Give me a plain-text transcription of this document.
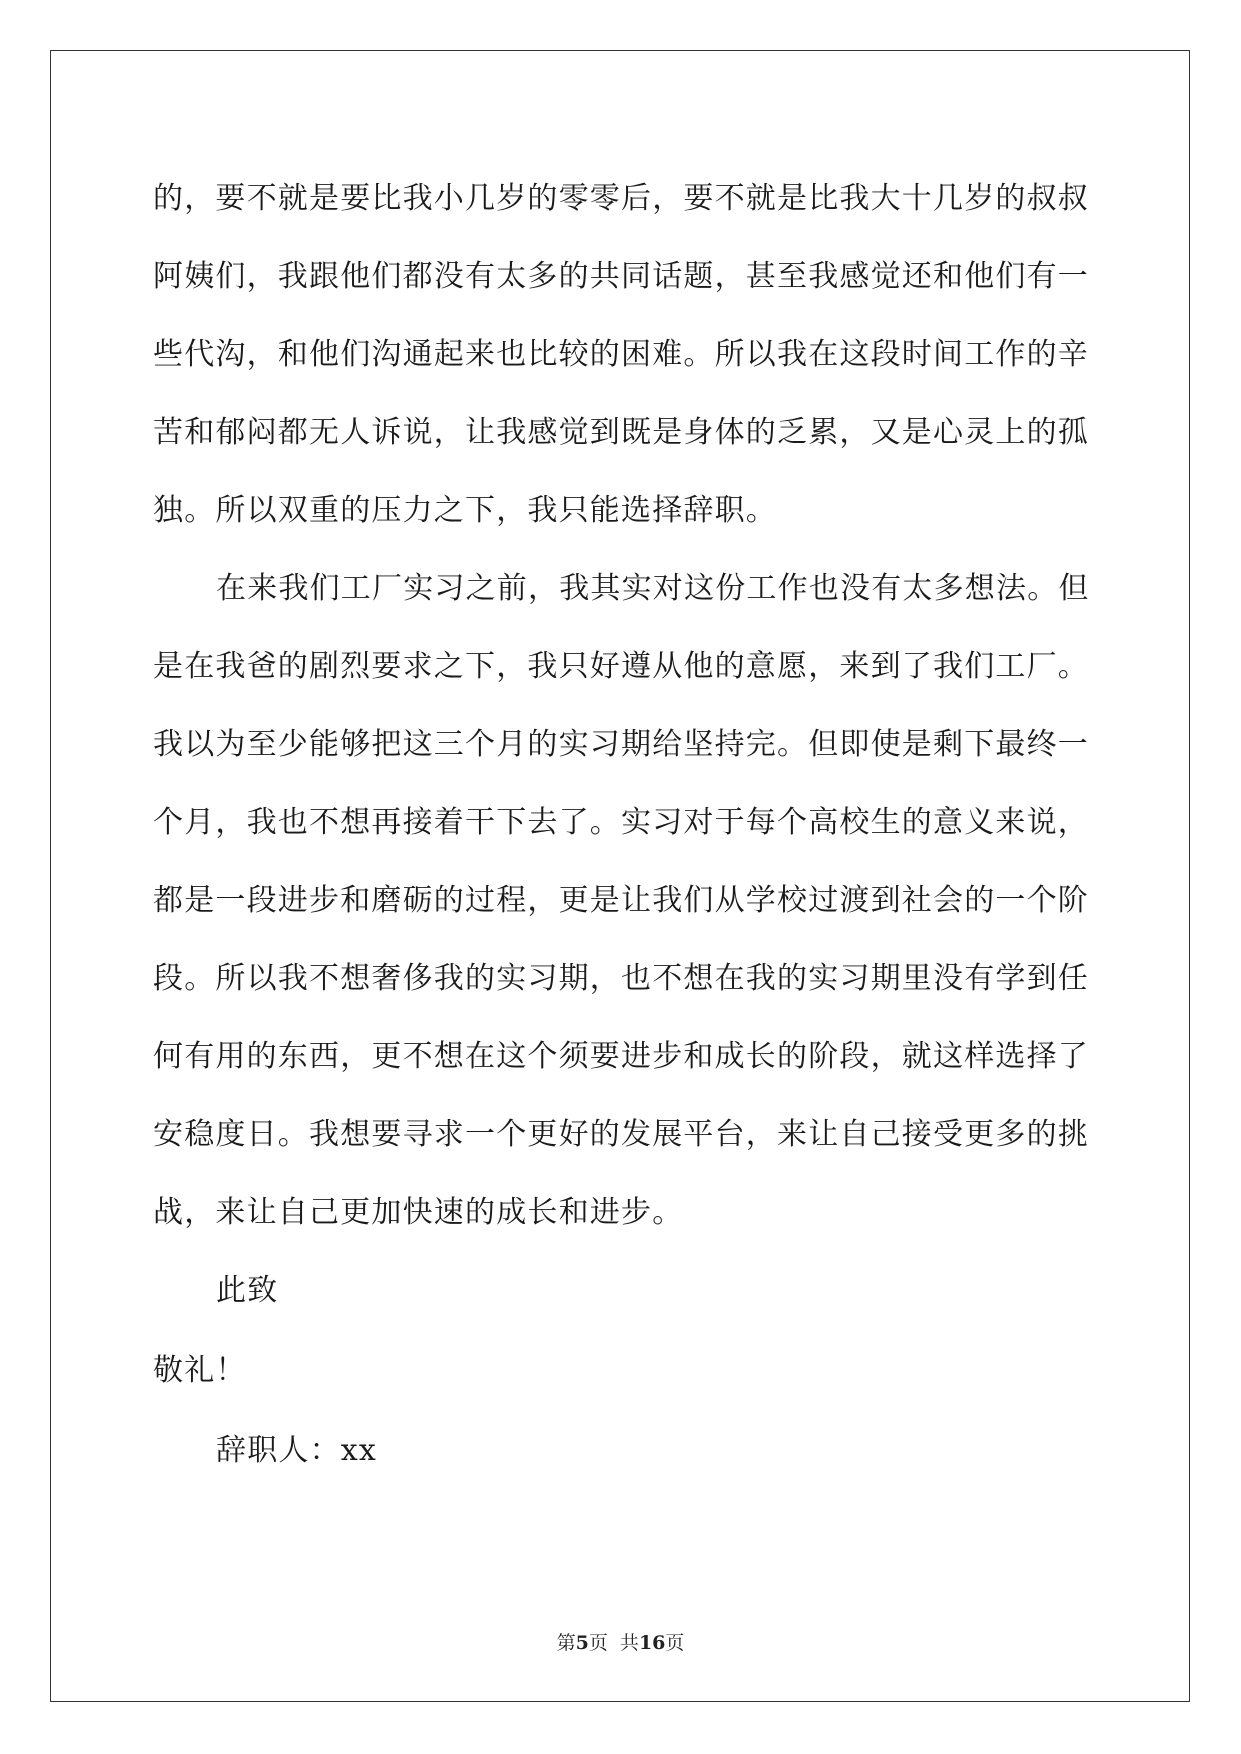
的，要不就是要比我小几岁的零零后，要不就是比我大十几岁的叔叔
阿姨们，我跟他们都没有太多的共同话题，甚至我感觉还和他们有一
些代沟，和他们沟通起来也比较的困难。所以我在这段时间工作的辛
苦和郁闷都无人诉说，让我感觉到既是身体的乏累，又是心灵上的孤
独。所以双重的压力之下，我只能选择辞职。
在来我们工厂实习之前，我其实对这份工作也没有太多想法。但
是在我爸的剧烈要求之下，我只好遵从他的意愿，来到了我们工厂。
我以为至少能够把这三个月的实习期给坚持完。但即使是剩下最终一
个月，我也不想再接着干下去了。实习对于每个高校生的意义来说，
都是一段进步和磨砺的过程，更是让我们从学校过渡到社会的一个阶
段。所以我不想奢侈我的实习期，也不想在我的实习期里没有学到任
何有用的东西，更不想在这个须要进步和成长的阶段，就这样选择了
安稳度日。我想要寻求一个更好的发展平台，来让自己接受更多的挑
战，来让自己更加快速的成长和进步。
此致
敬礼！
辞职人：xx
第5页  共16页
